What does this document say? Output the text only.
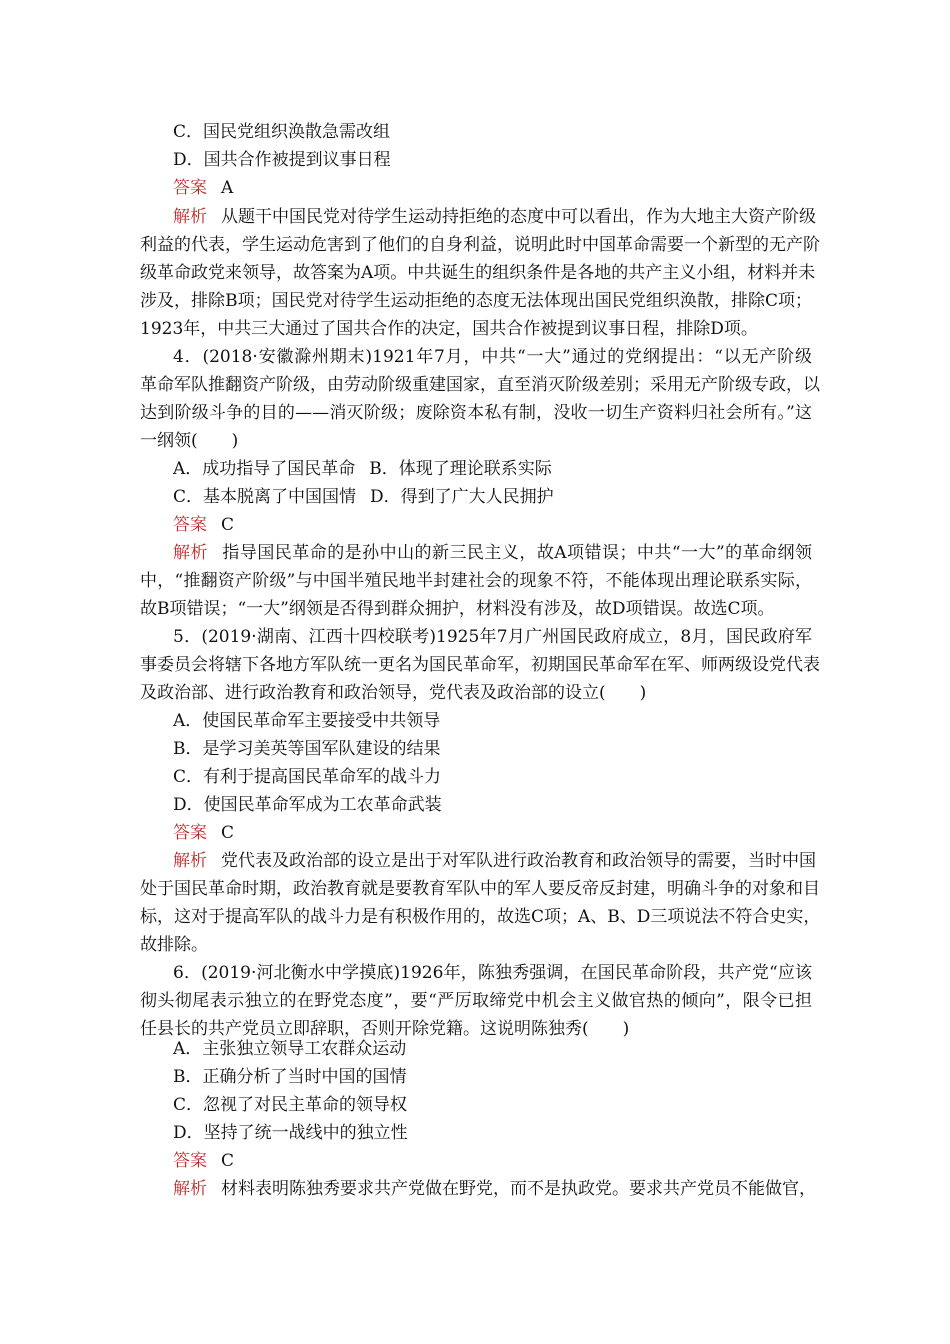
C．国民党组织涣散急需改组
D．国共合作被提到议事日程
答案 A
解析 从题干中国民党对待学生运动持拒绝的态度中可以看出，作为大地主大资产阶级
利益的代表，学生运动危害到了他们的自身利益，说明此时中国革命需要一个新型的无产阶
级革命政党来领导，故答案为A项。中共诞生的组织条件是各地的共产主义小组，材料并未
涉及，排除B项；国民党对待学生运动拒绝的态度无法体现出国民党组织涣散，排除C项；
1923年，中共三大通过了国共合作的决定，国共合作被提到议事日程，排除D项。
4．(2018·安徽滁州期末)1921年7月，中共“一大”通过的党纲提出：“以无产阶级
革命军队推翻资产阶级，由劳动阶级重建国家，直至消灭阶级差别；采用无产阶级专政，以
达到阶级斗争的目的——消灭阶级；废除资本私有制，没收一切生产资料归社会所有。”这
一纲领(　　)
A．成功指导了国民革命 B．体现了理论联系实际
C．基本脱离了中国国情 D．得到了广大人民拥护
答案 C
解析 指导国民革命的是孙中山的新三民主义，故A项错误；中共“一大”的革命纲领
中，“推翻资产阶级”与中国半殖民地半封建社会的现象不符，不能体现出理论联系实际，
故B项错误；“一大”纲领是否得到群众拥护，材料没有涉及，故D项错误。故选C项。
5．(2019·湖南、江西十四校联考)1925年7月广州国民政府成立，8月，国民政府军
事委员会将辖下各地方军队统一更名为国民革命军，初期国民革命军在军、师两级设党代表
及政治部、进行政治教育和政治领导，党代表及政治部的设立(　　)
A．使国民革命军主要接受中共领导
B．是学习美英等国军队建设的结果
C．有利于提高国民革命军的战斗力
D．使国民革命军成为工农革命武装
答案 C
解析 党代表及政治部的设立是出于对军队进行政治教育和政治领导的需要，当时中国
处于国民革命时期，政治教育就是要教育军队中的军人要反帝反封建，明确斗争的对象和目
标，这对于提高军队的战斗力是有积极作用的，故选C项；A、B、D三项说法不符合史实，
故排除。
6．(2019·河北衡水中学摸底)1926年，陈独秀强调，在国民革命阶段，共产党“应该
彻头彻尾表示独立的在野党态度”，要“严厉取缔党中机会主义做官热的倾向”，限令已担
任县长的共产党员立即辞职，否则开除党籍。这说明陈独秀(　　)
A．主张独立领导工农群众运动
B．正确分析了当时中国的国情
C．忽视了对民主革命的领导权
D．坚持了统一战线中的独立性
答案 C
解析 材料表明陈独秀要求共产党做在野党，而不是执政党。要求共产党员不能做官，
